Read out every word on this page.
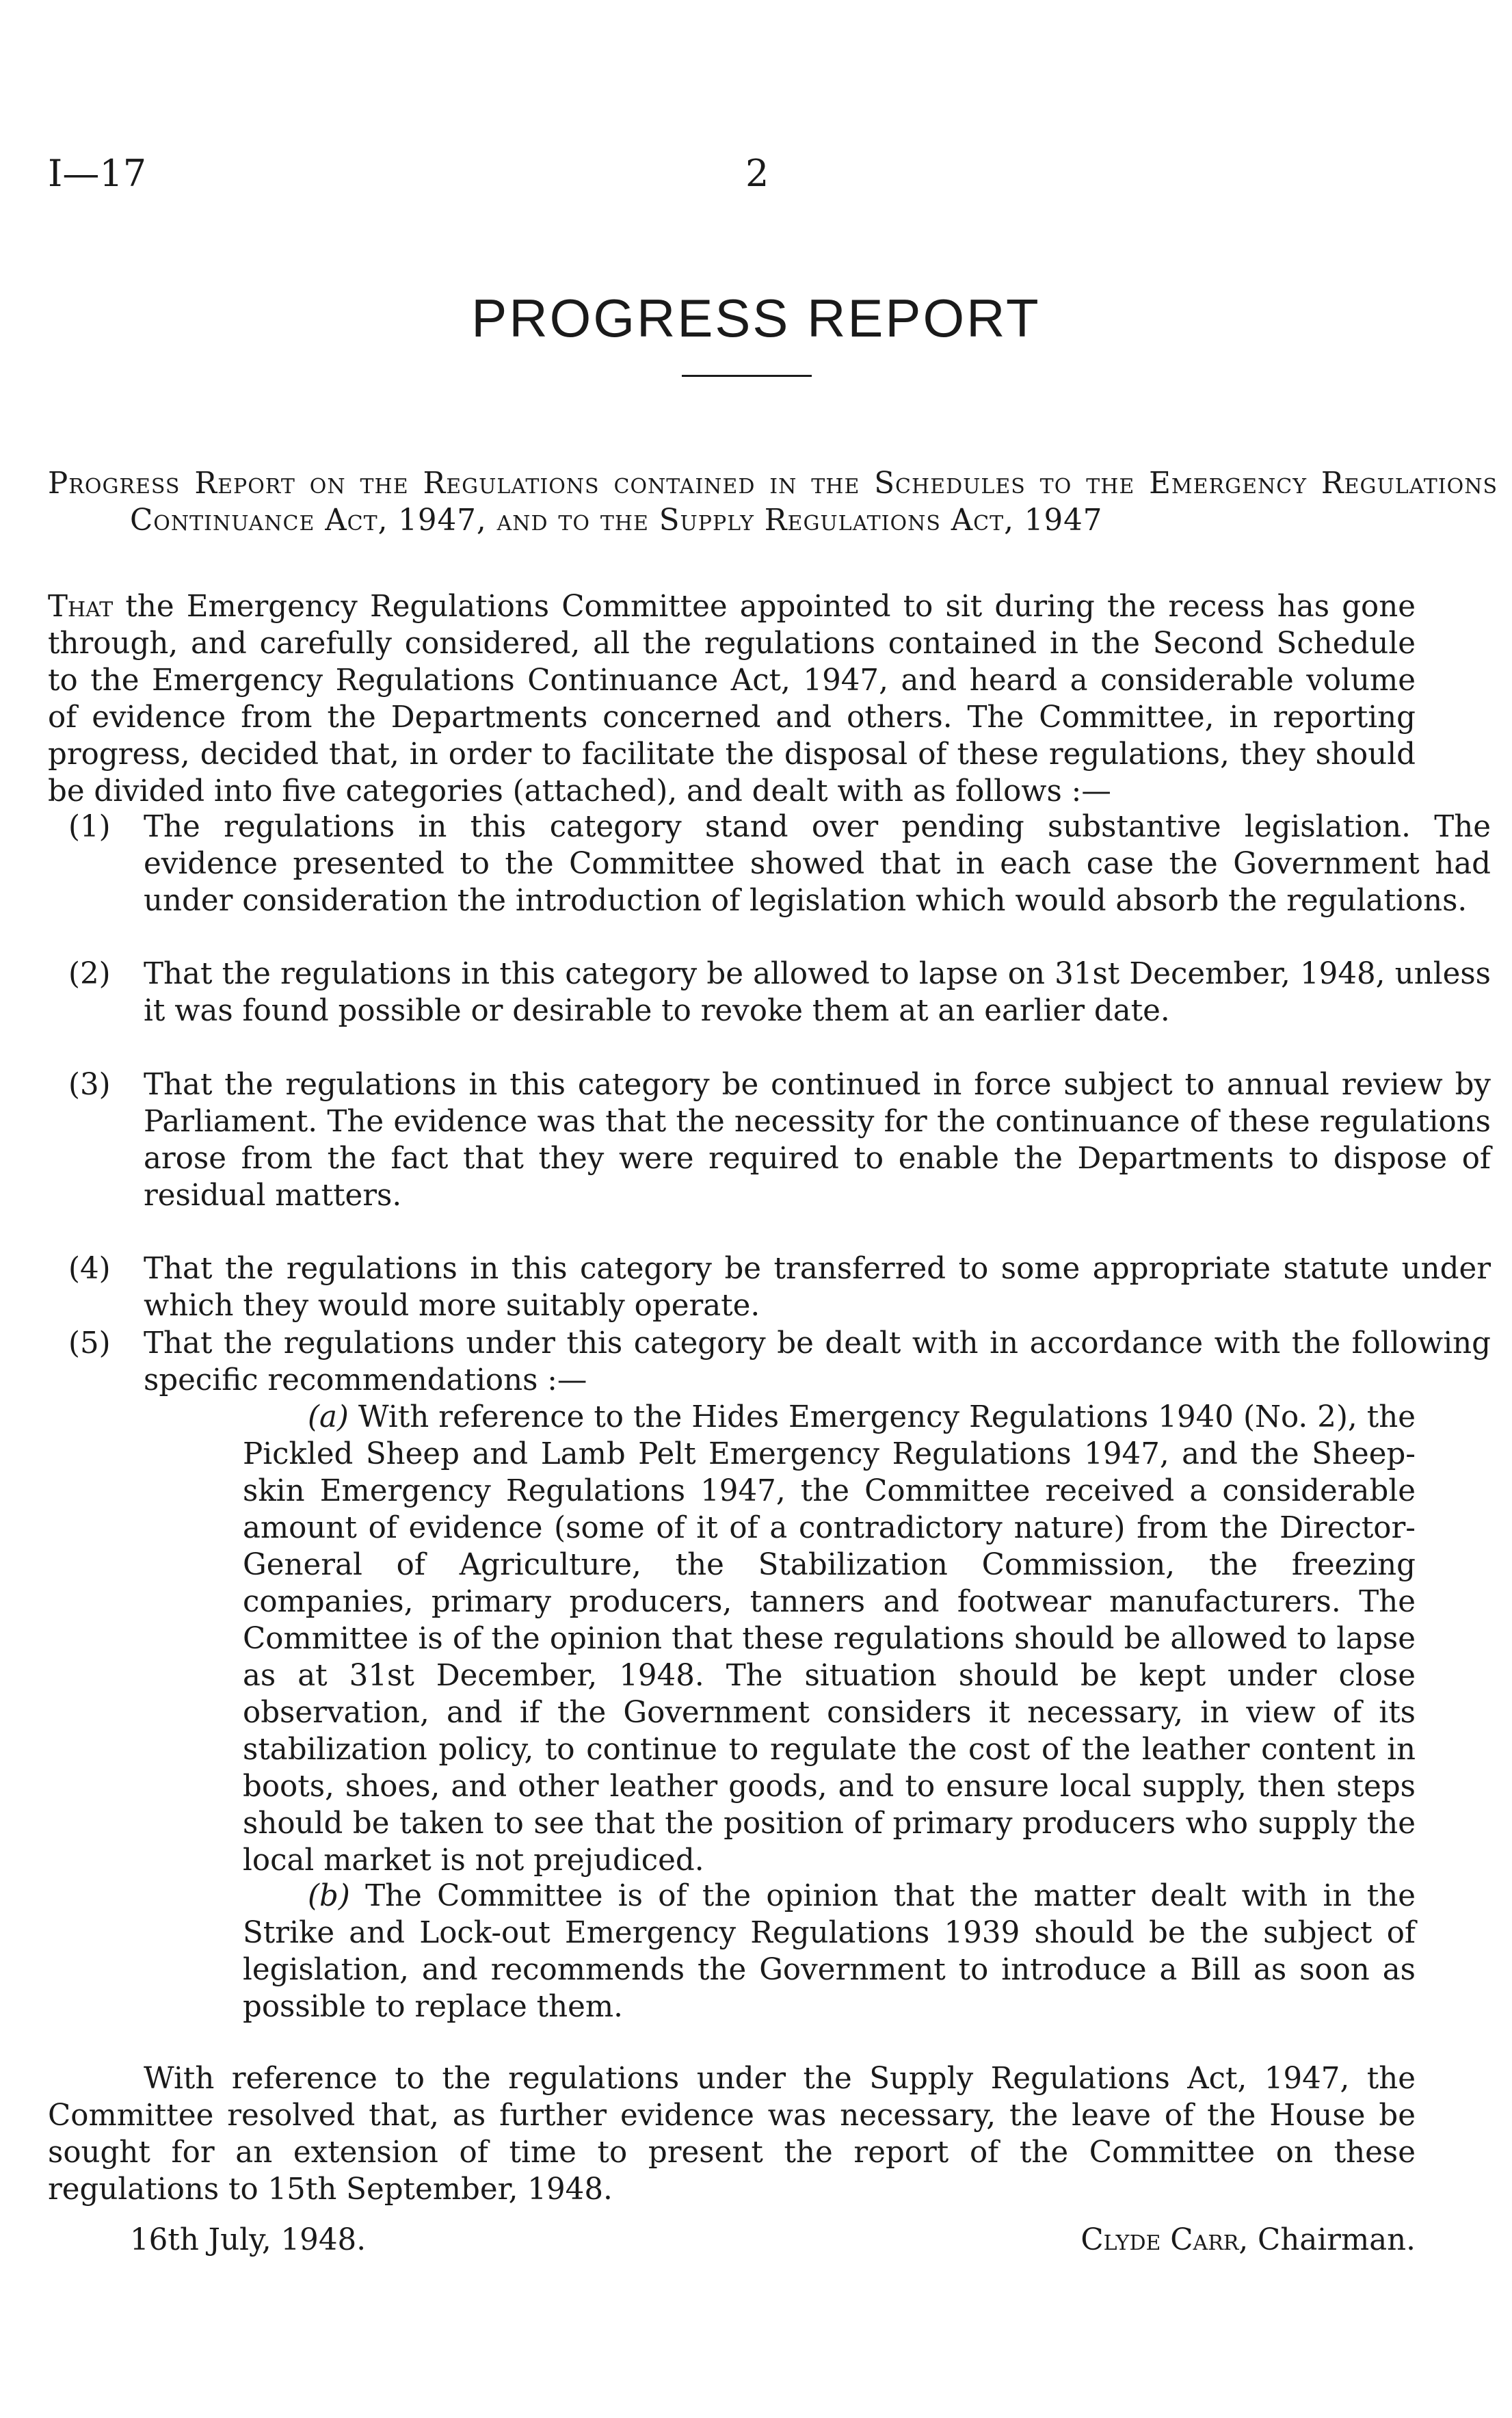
I—17	2
PROGRESS REPORT
Progress Report on the Regulations contained in the Schedules to the Emergency Regulations Continuance Act, 1947, and to the Supply Regulations Act, 1947
That the Emergency Regulations Committee appointed to sit during the recess has gone through, and carefully considered, all the regulations contained in the Second Schedule to the Emergency Regulations Continuance Act, 1947, and heard a considerable volume of evidence from the Departments concerned and others. The Committee, in reporting progress, decided that, in order to facilitate the disposal of these regulations, they should be divided into five categories (attached), and dealt with as follows :—
(1) The regulations in this category stand over pending substantive legislation. The evidence presented to the Committee showed that in each case the Government had under consideration the introduction of legislation which would absorb the regulations.
(2) That the regulations in this category be allowed to lapse on 31st December, 1948, unless it was found possible or desirable to revoke them at an earlier date.
(3) That the regulations in this category be continued in force subject to annual review by Parliament. The evidence was that the necessity for the continuance of these regulations arose from the fact that they were required to enable the Departments to dispose of residual matters.
(4) That the regulations in this category be transferred to some appropriate statute under which they would more suitably operate.
(5) That the regulations under this category be dealt with in accordance with the following specific recommendations :—
(a) With reference to the Hides Emergency Regulations 1940 (No. 2), the Pickled Sheep and Lamb Pelt Emergency Regulations 1947, and the Sheep-skin Emergency Regulations 1947, the Committee received a considerable amount of evidence (some of it of a contradictory nature) from the Director-General of Agriculture, the Stabilization Commission, the freezing companies, primary producers, tanners and footwear manufacturers. The Committee is of the opinion that these regulations should be allowed to lapse as at 31st December, 1948. The situation should be kept under close observation, and if the Government considers it necessary, in view of its stabilization policy, to continue to regulate the cost of the leather content in boots, shoes, and other leather goods, and to ensure local supply, then steps should be taken to see that the position of primary producers who supply the local market is not prejudiced.
(b) The Committee is of the opinion that the matter dealt with in the Strike and Lock-out Emergency Regulations 1939 should be the subject of legislation, and recommends the Government to introduce a Bill as soon as possible to replace them.
With reference to the regulations under the Supply Regulations Act, 1947, the Committee resolved that, as further evidence was necessary, the leave of the House be sought for an extension of time to present the report of the Committee on these regulations to 15th September, 1948.
16th July, 1948.	Clyde Carr, Chairman.
